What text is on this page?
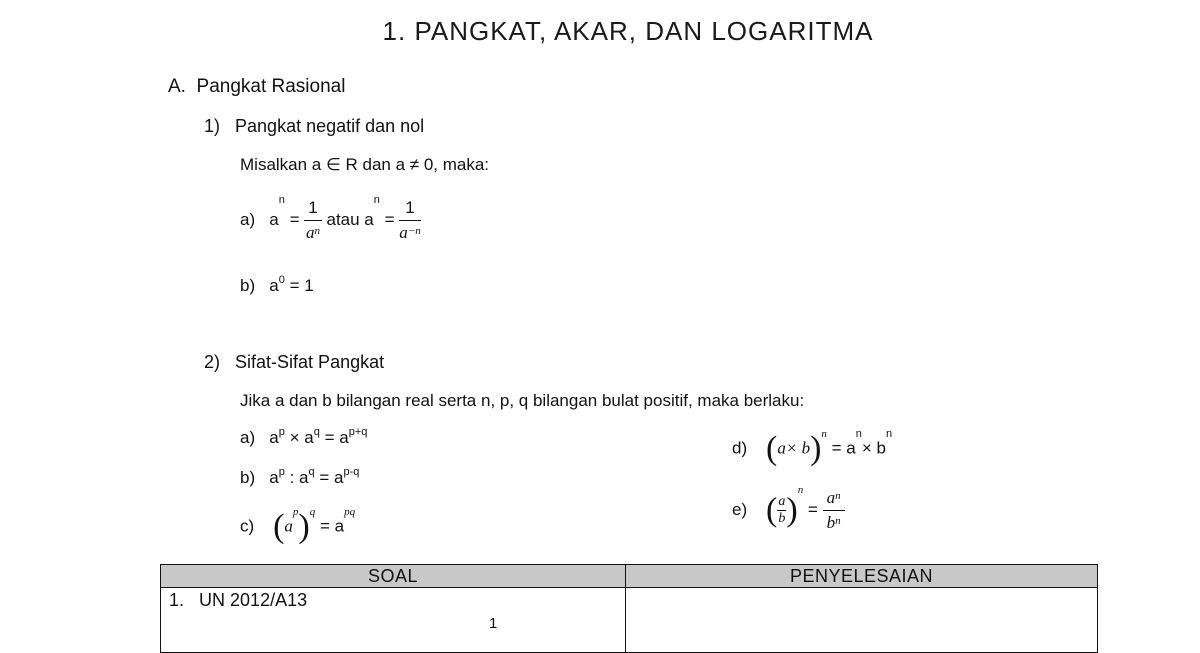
1. PANGKAT, AKAR, DAN LOGARITMA
A. Pangkat Rasional
1) Pangkat negatif dan nol
Misalkan a ∈ R dan a ≠ 0, maka:
a) $a^n = \frac{1}{a^n}$ atau $a^n = \frac{1}{a^{-n}}$
b) $a^0 = 1$
2) Sifat-Sifat Pangkat
Jika a dan b bilangan real serta n, p, q bilangan bulat positif, maka berlaku:
a) $a^p \times a^q = a^{p+q}$
b) $a^p$ : $a^q = a^{p-q}$
c) $(a^p)^q = a^{pq}$
d) $(a\times b)^n = a^n\times b^n$
e) ( $\frac{a}{b} )^n = \frac{a^n}{b^n}$
SOAL	PENYELESAIAN
1. UN 2012/A13
1	
